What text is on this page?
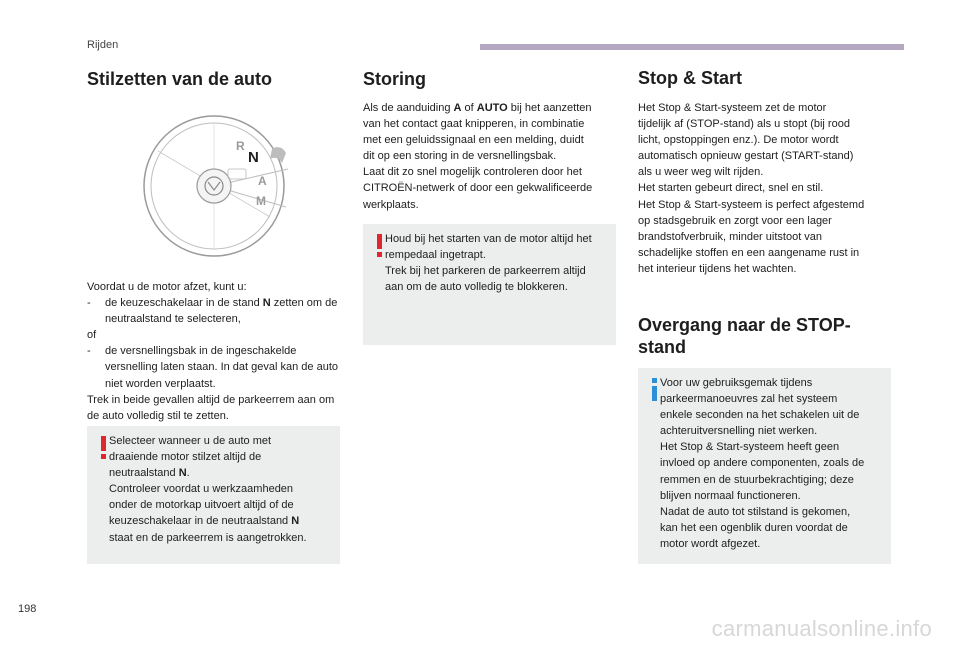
Rijden
198
carmanualsonline.info
Stilzetten van de auto
R
N
A
M

Voordat u de motor afzet, kunt u:

- de keuzeschakelaar in de stand N zetten om de neutraalstand te selecteren,

of

- de versnellingsbak in de ingeschakelde versnelling laten staan. In dat geval kan de auto niet worden verplaatst.

Trek in beide gevallen altijd de parkeerrem aan om de auto volledig stil te zetten.

Selecteer wanneer u de auto met
draaiende motor stilzet altijd de
neutraalstand N.
Controleer voordat u werkzaamheden
onder de motorkap uitvoert altijd of de
keuzeschakelaar in de neutraalstand N
staat en de parkeerrem is aangetrokken.
Storing

Als de aanduiding A of AUTO bij het aanzetten
van het contact gaat knipperen, in combinatie
met een geluidssignaal en een melding, duidt
dit op een storing in de versnellingsbak.
Laat dit zo snel mogelijk controleren door het
CITROËN-netwerk of door een gekwalificeerde
werkplaats.

Houd bij het starten van de motor altijd het
rempedaal ingetrapt.
Trek bij het parkeren de parkeerrem altijd
aan om de auto volledig te blokkeren.
Stop & Start

Het Stop & Start-systeem zet de motor
tijdelijk af (STOP-stand) als u stopt (bij rood
licht, opstoppingen enz.). De motor wordt
automatisch opnieuw gestart (START-stand)
als u weer weg wilt rijden.
Het starten gebeurt direct, snel en stil.
Het Stop & Start-systeem is perfect afgestemd
op stadsgebruik en zorgt voor een lager
brandstofverbruik, minder uitstoot van
schadelijke stoffen en een aangename rust in
het interieur tijdens het wachten.

Overgang naar de STOP-
stand
Voor uw gebruiksgemak tijdens
parkeermanoeuvres zal het systeem
enkele seconden na het schakelen uit de
achteruitversnelling niet werken.
Het Stop & Start-systeem heeft geen
invloed op andere componenten, zoals de
remmen en de stuurbekrachtiging; deze
blijven normaal functioneren.
Nadat de auto tot stilstand is gekomen,
kan het een ogenblik duren voordat de
motor wordt afgezet.
